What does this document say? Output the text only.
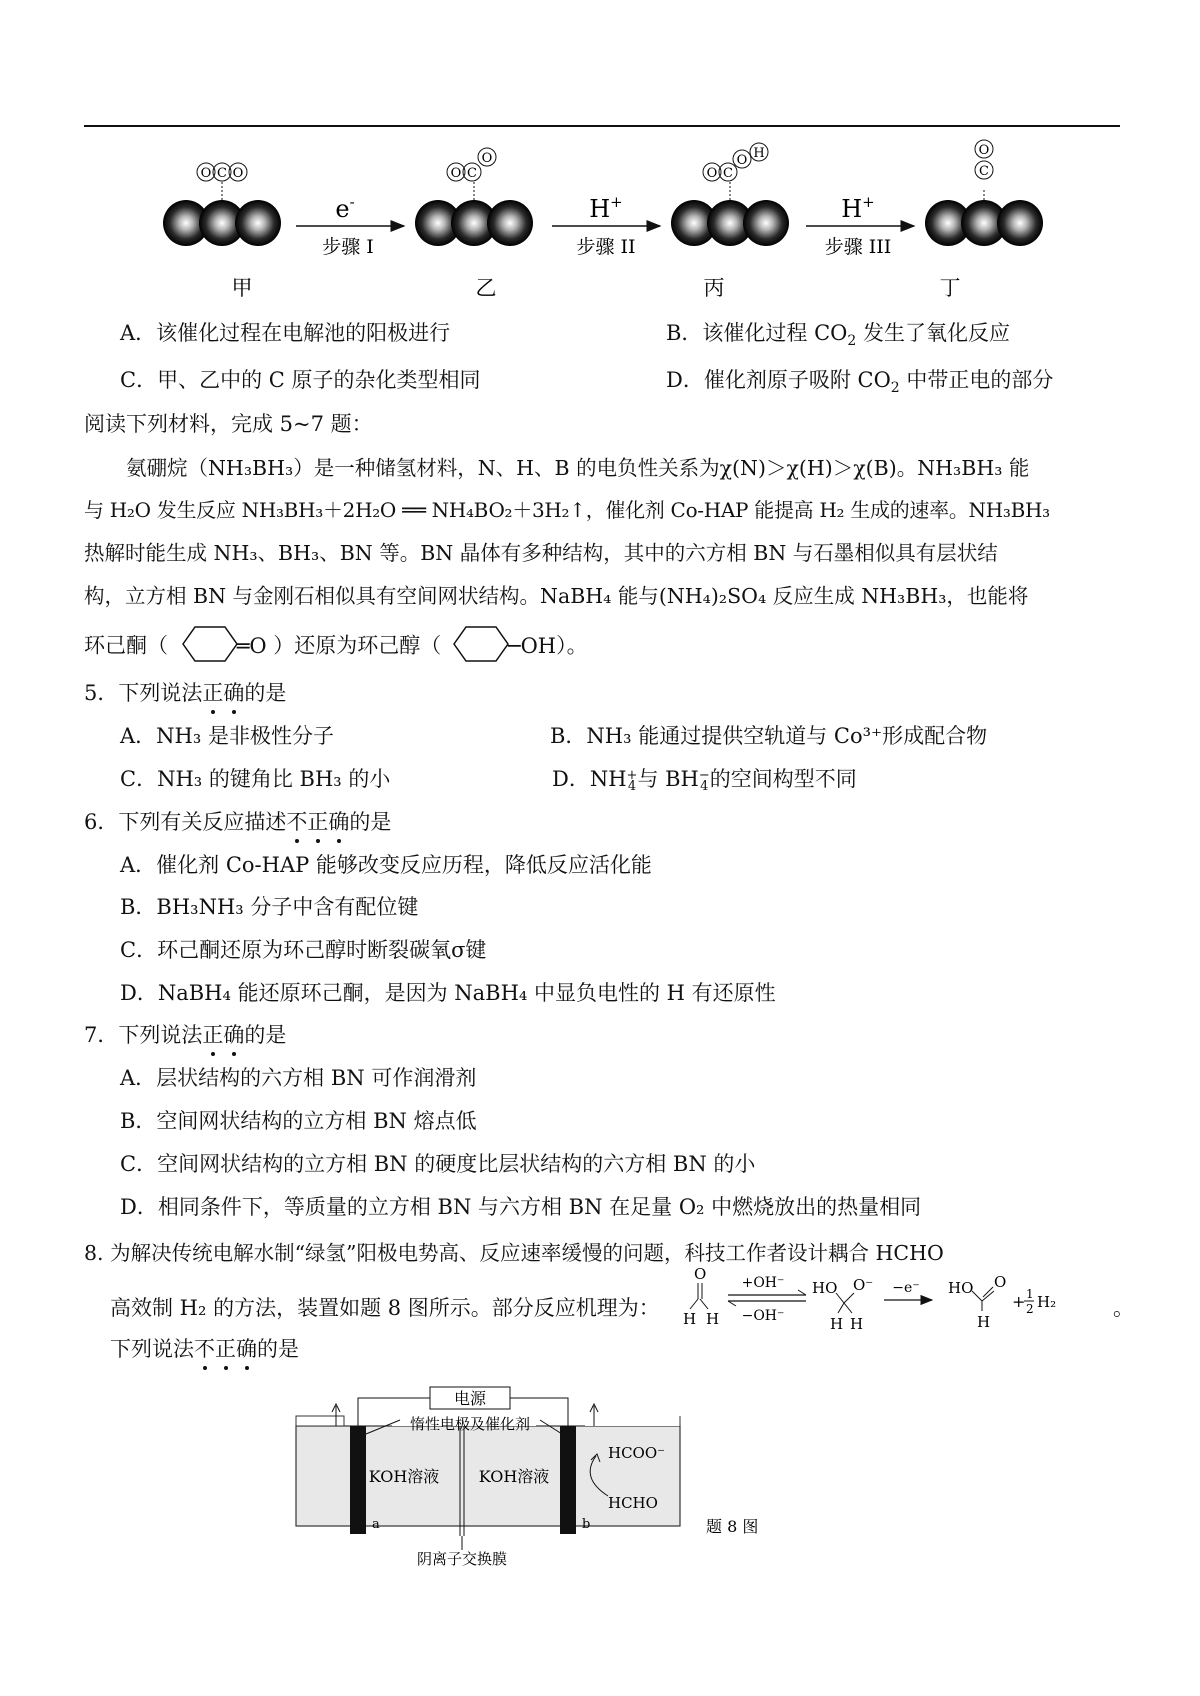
O C O	O C
O
O C
O H
C
O
e-
步骤 I
H+
步骤 II
H+
步骤 III
甲	乙	丙	丁
A．该催化过程在电解池的阳极进行	B．该催化过程 $CO_2$ 发生了氧化反应
C．甲、乙中的 C 原子的杂化类型相同	D．催化剂原子吸附 $CO_2$ 中带正电的部分
阅读下列材料，完成 5~7 题：
氨硼烷（NH₃BH₃）是一种储氢材料，N、H、B 的电负性关系为χ(N)＞χ(H)＞χ(B)。NH₃BH₃ 能
与 H₂O 发生反应 NH₃BH₃＋2H₂O ══ NH₄BO₂＋3H₂↑，催化剂 Co-HAP 能提高 H₂ 生成的速率。NH₃BH₃
热解时能生成 NH₃、BH₃、BN 等。BN 晶体有多种结构，其中的六方相 BN 与石墨相似具有层状结
构，立方相 BN 与金刚石相似具有空间网状结构。NaBH₄ 能与(NH₄)₂SO₄ 反应生成 NH₃BH₃，也能将
环己酮（	═O ）还原为环己醇（	─OH）。
5．下列说法正确的是
A．NH₃ 是非极性分子	B．NH₃ 能通过提供空轨道与 Co³⁺形成配合物
C．NH₃ 的键角比 BH₃ 的小	D．NH+
4与 BH−
4的空间构型不同
6．下列有关反应描述不正确的是
A．催化剂 Co-HAP 能够改变反应历程，降低反应活化能
B．BH₃NH₃ 分子中含有配位键
C．环己酮还原为环己醇时断裂碳氧σ键
D．NaBH₄ 能还原环己酮，是因为 NaBH₄ 中显负电性的 H 有还原性
7．下列说法正确的是
A．层状结构的六方相 BN 可作润滑剂
B．空间网状结构的立方相 BN 熔点低
C．空间网状结构的立方相 BN 的硬度比层状结构的六方相 BN 的小
D．相同条件下，等质量的立方相 BN 与六方相 BN 在足量 O₂ 中燃烧放出的热量相同
8. 为解决传统电解水制“绿氢”阳极电势高、反应速率缓慢的问题，科技工作者设计耦合 HCHO
高效制 H₂ 的方法，装置如题 8 图所示。部分反应机理为： H
O
H
+OH⁻
−OH⁻
HO O⁻
H H
−e⁻ HO O
H
+ 1
2 H₂	。
下列说法不正确的是
电源
惰性电极及催化剂
a	b
阴离子交换膜
KOH溶液 KOH溶液
HCOO⁻
HCHO
题 8 图
